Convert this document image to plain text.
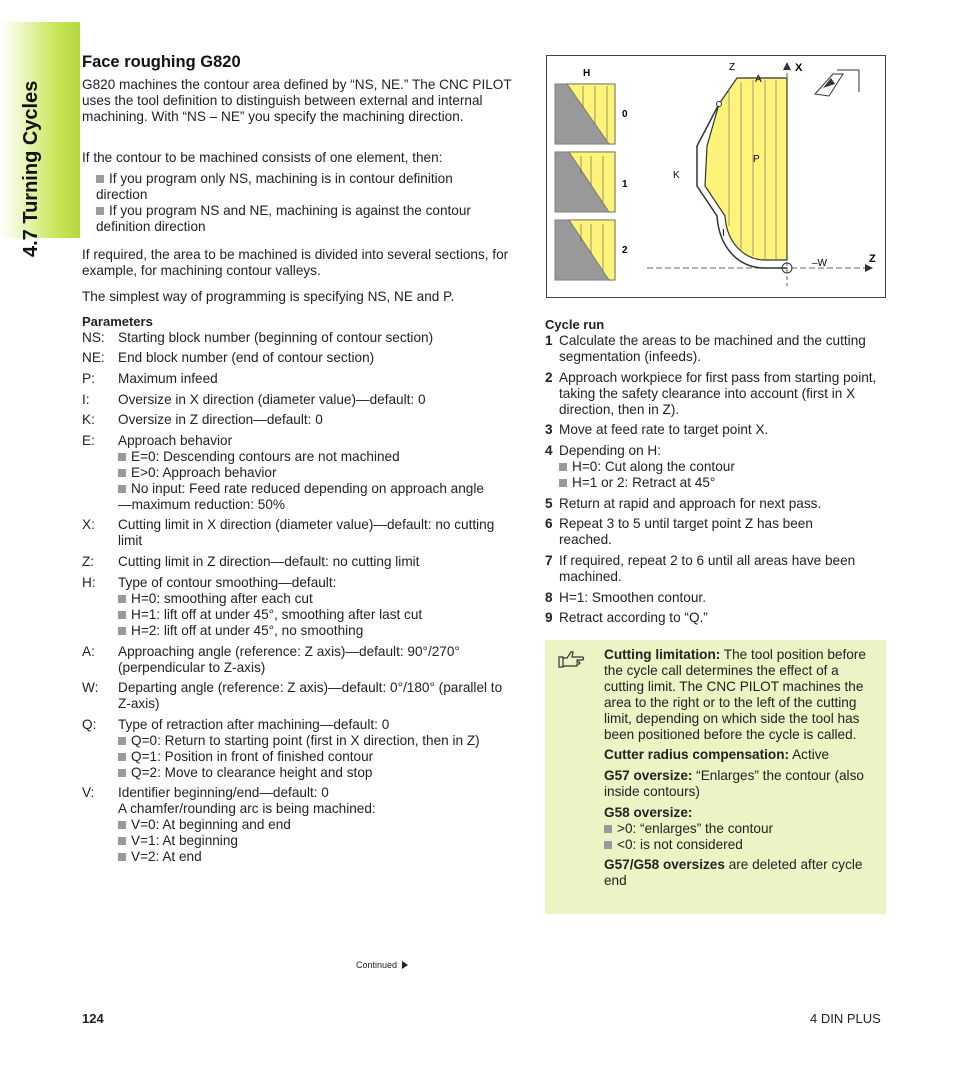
4.7 Turning Cycles
Face roughing G820

G820 machines the contour area defined by “NS, NE.” The CNC PILOT uses the tool definition to distinguish between external and internal machining. With “NS – NE” you specify the machining direction.

If the contour to be machined consists of one element, then:

If you program only NS, machining is in contour definition direction
If you program NS and NE, machining is against the contour definition direction

If required, the area to be machined is divided into several sections, for example, for machining contour valleys.

The simplest way of programming is specifying NS, NE and P.

Parameters
NS: Starting block number (beginning of contour section)
NE: End block number (end of contour section)
P: Maximum infeed
I: Oversize in X direction (diameter value)—default: 0
K: Oversize in Z direction—default: 0
E: Approach behavior
E=0: Descending contours are not machined
E>0: Approach behavior
No input: Feed rate reduced depending on approach angle—maximum reduction: 50%
X: Cutting limit in X direction (diameter value)—default: no cutting limit
Z: Cutting limit in Z direction—default: no cutting limit
H: Type of contour smoothing—default:
H=0: smoothing after each cut
H=1: lift off at under 45°, smoothing after last cut
H=2: lift off at under 45°, no smoothing
A: Approaching angle (reference: Z axis)—default: 90°/270° (perpendicular to Z-axis)
W: Departing angle (reference: Z axis)—default: 0°/180° (parallel to Z-axis)
Q: Type of retraction after machining—default: 0
Q=0: Return to starting point (first in X direction, then in Z)
Q=1: Position in front of finished contour
Q=2: Move to clearance height and stop
V: Identifier beginning/end—default: 0
A chamfer/rounding arc is being machined:
V=0: At beginning and end
V=1: At beginning
V=2: At end
H
0
1
2
X
Z
Z
A
P
K
I
–W
Cycle run
1 Calculate the areas to be machined and the cutting segmentation (infeeds).
2 Approach workpiece for first pass from starting point, taking the safety clearance into account (first in X direction, then in Z).
3 Move at feed rate to target point X.
4 Depending on H:
H=0: Cut along the contour
H=1 or 2: Retract at 45°
5 Return at rapid and approach for next pass.
6 Repeat 3 to 5 until target point Z has been reached.
7 If required, repeat 2 to 6 until all areas have been machined.
8 H=1: Smoothen contour.
9 Retract according to “Q.”

Cutting limitation: The tool position before the cycle call determines the effect of a cutting limit. The CNC PILOT machines the area to the right or to the left of the cutting limit, depending on which side the tool has been positioned before the cycle is called.

Cutter radius compensation: Active

G57 oversize: “Enlarges” the contour (also inside contours)

G58 oversize:

>0: “enlarges” the contour

<0: is not considered

G57/G58 oversizes are deleted after cycle end

Continued
124	4 DIN PLUS
